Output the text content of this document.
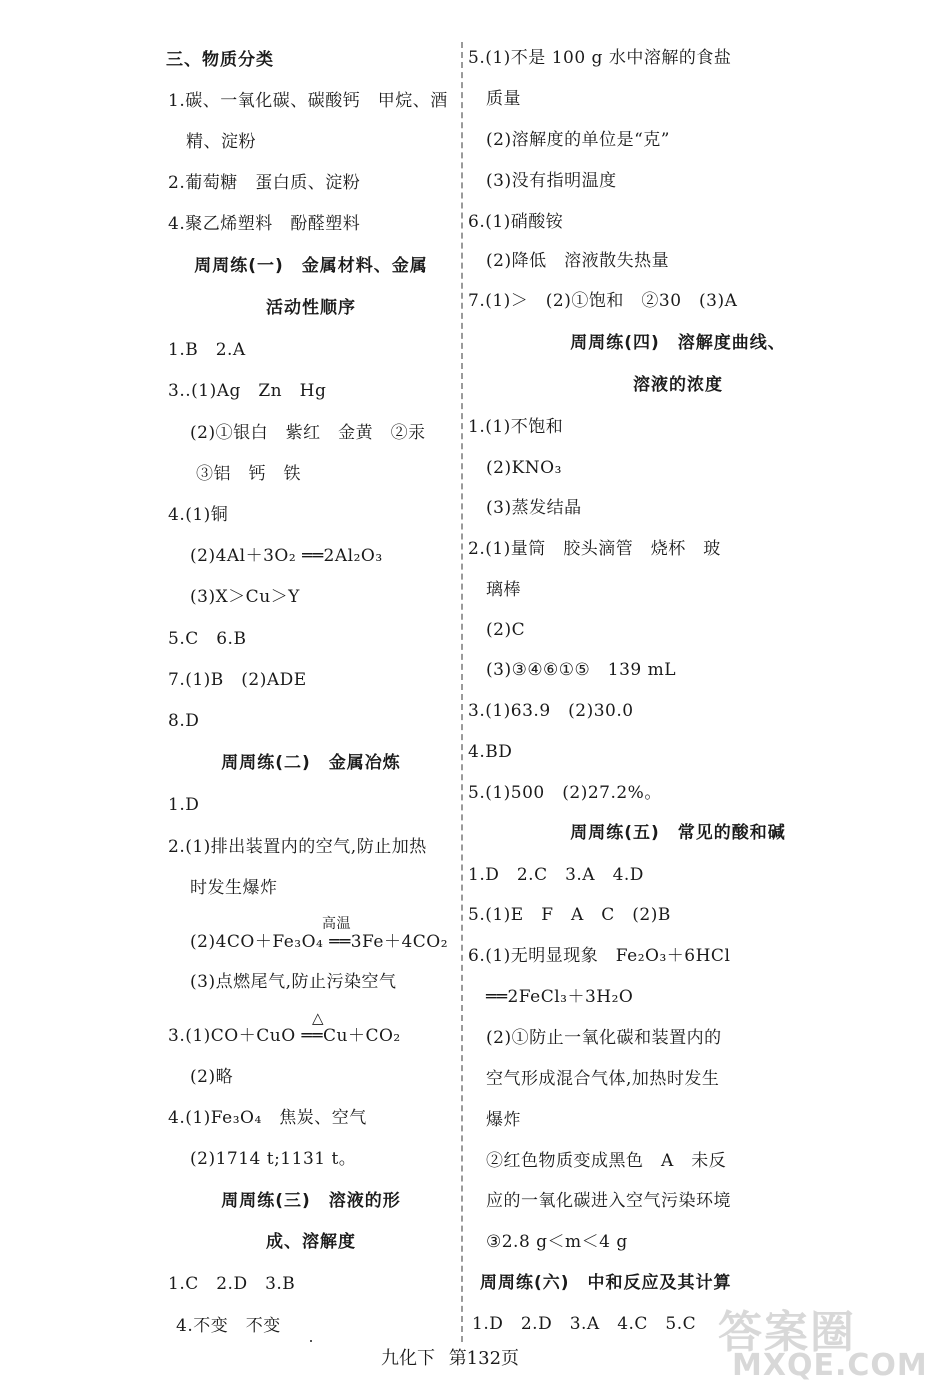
三、物质分类
1.碳、一氧化碳、碳酸钙　甲烷、酒
精、淀粉
2.葡萄糖　蛋白质、淀粉
4.聚乙烯塑料　酚醛塑料
周周练(一)　金属材料、金属
活动性顺序
1.B　2.A
3..(1)Ag　Zn　Hg
(2)①银白　紫红　金黄　②汞
③铝　钙　铁
4.(1)铜
(2)4Al＋3O₂ ══2Al₂O₃
(3)X＞Cu＞Y
5.C　6.B
7.(1)B　(2)ADE
8.D
周周练(二)　金属冶炼
1.D
2.(1)排出装置内的空气,防止加热
时发生爆炸
高温
(2)4CO＋Fe₃O₄ ══3Fe＋4CO₂
(3)点燃尾气,防止污染空气
△
3.(1)CO＋CuO ══Cu＋CO₂
(2)略
4.(1)Fe₃O₄　焦炭、空气
(2)1714 t;1131 t。
周周练(三)　溶液的形
成、溶解度
1.C　2.D　3.B
4.不变　不变
5.(1)不是 100 g 水中溶解的食盐
质量
(2)溶解度的单位是“克”
(3)没有指明温度
6.(1)硝酸铵
(2)降低　溶液散失热量
7.(1)＞　(2)①饱和　②30　(3)A
周周练(四)　溶解度曲线、
溶液的浓度
1.(1)不饱和
(2)KNO₃
(3)蒸发结晶
2.(1)量筒　胶头滴管　烧杯　玻
璃棒
(2)C
(3)③④⑥①⑤　139 mL
3.(1)63.9　(2)30.0
4.BD
5.(1)500　(2)27.2%。
周周练(五)　常见的酸和碱
1.D　2.C　3.A　4.D
5.(1)E　F　A　C　(2)B
6.(1)无明显现象　Fe₂O₃＋6HCl
══2FeCl₃＋3H₂O
(2)①防止一氧化碳和装置内的
空气形成混合气体,加热时发生
爆炸
②红色物质变成黑色　A　未反
应的一氧化碳进入空气污染环境
③2.8 g＜m＜4 g
周周练(六)　中和反应及其计算
1.D　2.D　3.A　4.C　5.C
九化下 第132页
答案圈
MXQE.COM
